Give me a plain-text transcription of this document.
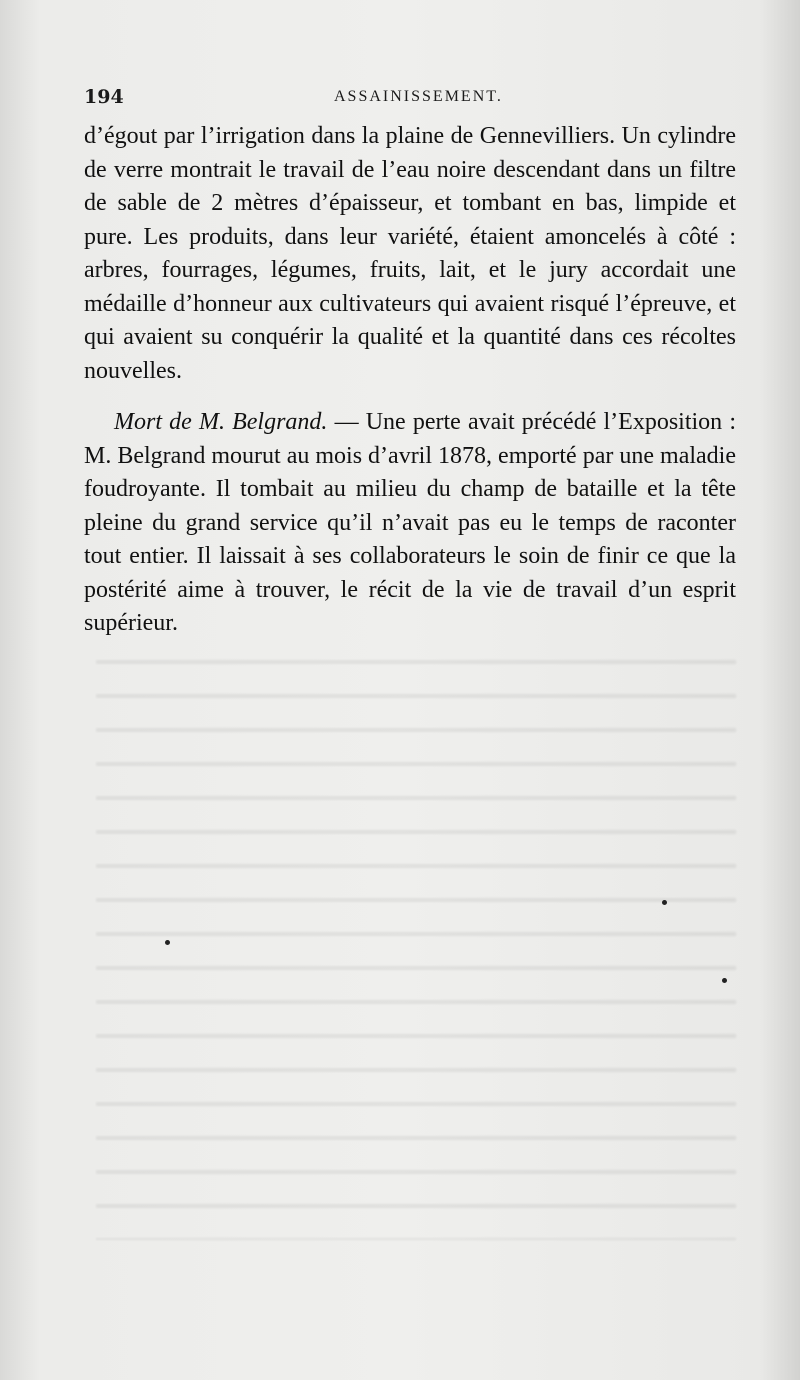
194	ASSAINISSEMENT.

d’égout par l’irrigation dans la plaine de Gennevilliers. Un cylindre de verre montrait le travail de l’eau noire descendant dans un filtre de sable de 2 mètres d’épaisseur, et tombant en bas, limpide et pure. Les produits, dans leur variété, étaient amoncelés à côté : arbres, fourrages, légumes, fruits, lait, et le jury accordait une médaille d’honneur aux cultivateurs qui avaient risqué l’épreuve, et qui avaient su conquérir la qualité et la quantité dans ces récoltes nouvelles.

Mort de M. Belgrand. — Une perte avait précédé l’Exposition : M. Belgrand mourut au mois d’avril 1878, emporté par une maladie foudroyante. Il tombait au milieu du champ de bataille et la tête pleine du grand service qu’il n’avait pas eu le temps de raconter tout entier. Il laissait à ses collaborateurs le soin de finir ce que la postérité aime à trouver, le récit de la vie de travail d’un esprit supérieur.
